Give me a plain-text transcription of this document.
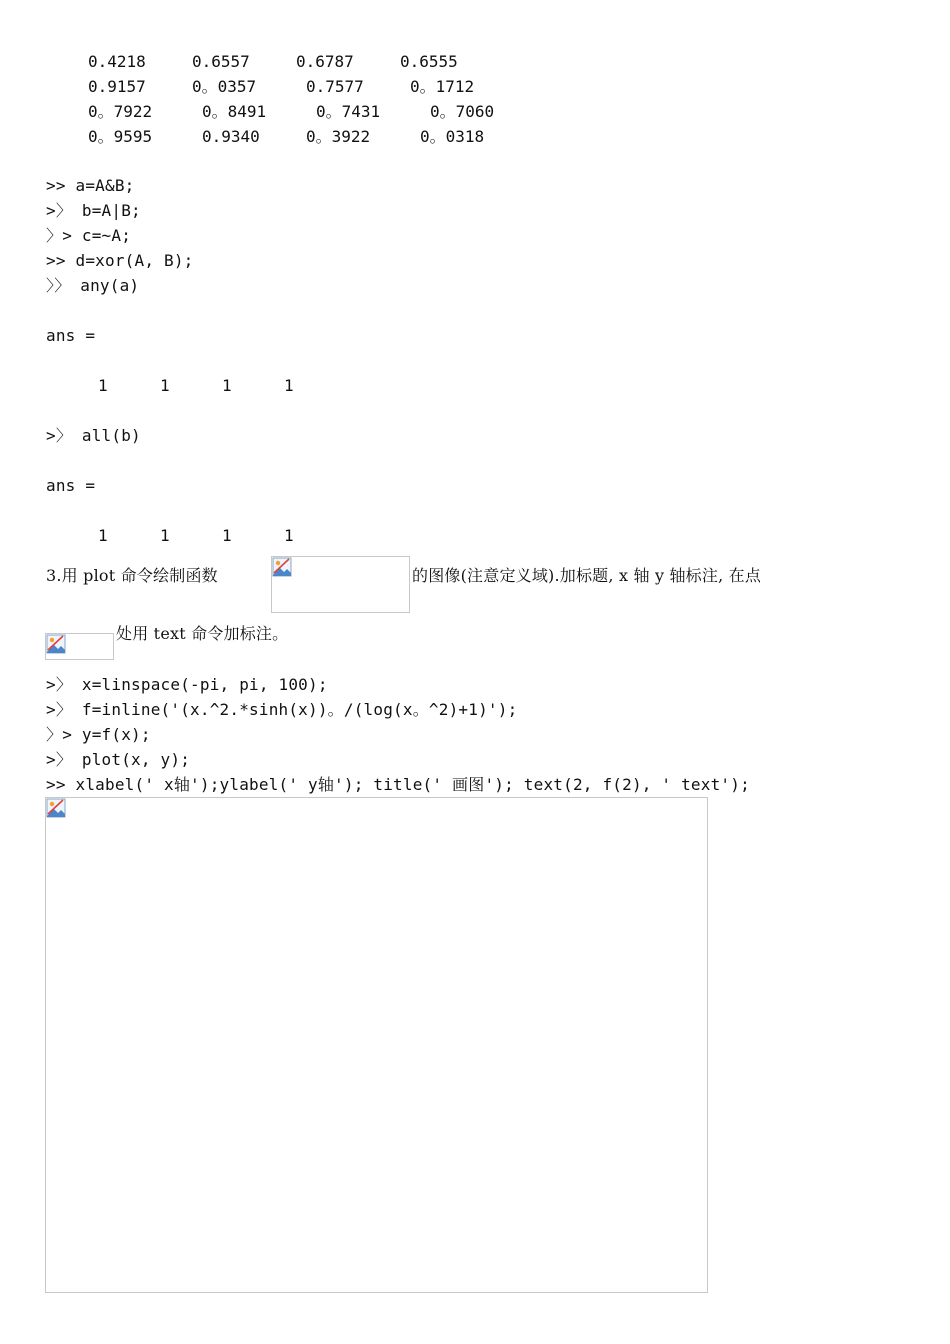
0.4218	0.6557	0.6787	0.6555
0.9157	0。0357	0.7577	0。1712
0。7922	0。8491	0。7431	0。7060
0。9595	0.9340	0。3922	0。0318
>> a=A&B;
>〉 b=A|B;
〉> c=~A;
>> d=xor(A, B);
〉〉 any(a)
ans =
1	1	1	1
>〉 all(b)
ans =
1	1	1	1
3.用 plot 命令绘制函数	的图像(注意定义域).加标题, x 轴 y 轴标注, 在点
处用 text 命令加标注。
>〉 x=linspace(-pi, pi, 100);
>〉 f=inline('(x.^2.*sinh(x))。/(log(x。^2)+1)');
〉> y=f(x);
>〉 plot(x, y);
>> xlabel(' x轴');ylabel(' y轴'); title(' 画图'); text(2, f(2), ' text');
